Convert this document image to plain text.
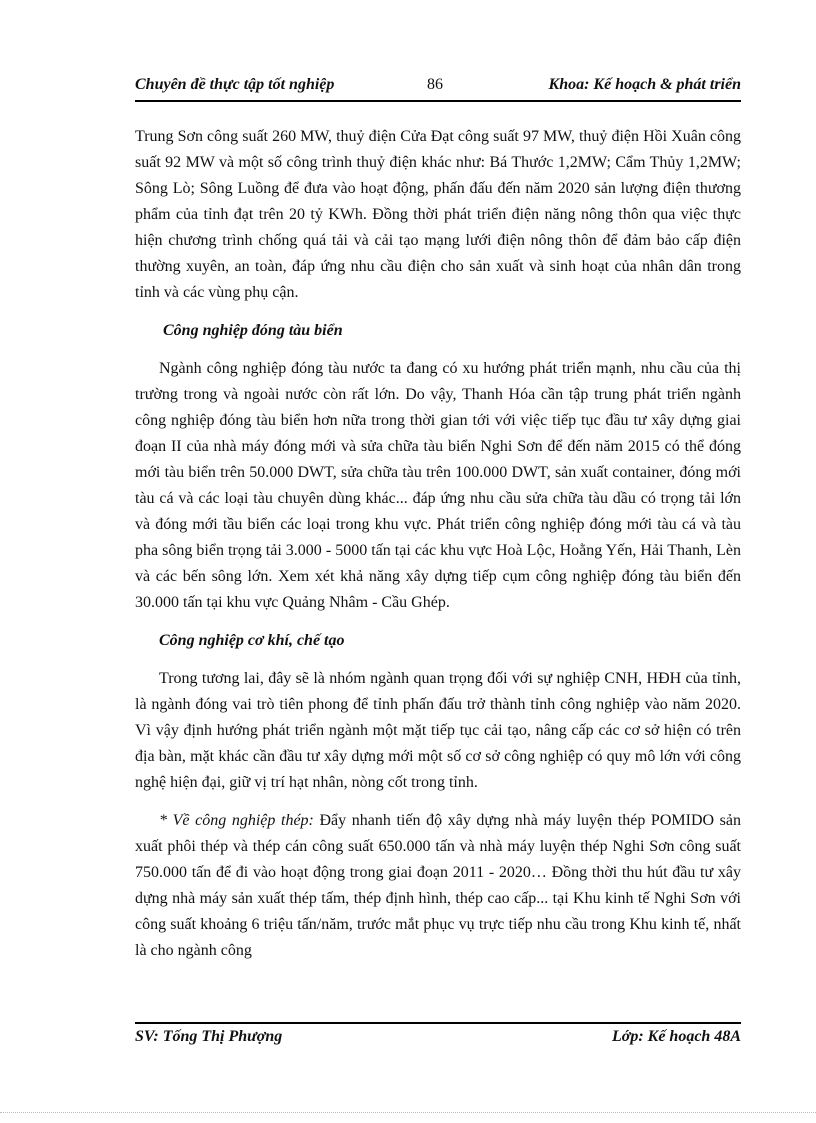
Chuyên đề thực tập tốt nghiệp	86	Khoa: Kế hoạch & phát triển

Trung Sơn công suất 260 MW, thuỷ điện Cửa Đạt công suất 97 MW, thuỷ điện Hồi Xuân công suất 92 MW và một số công trình thuỷ điện khác như: Bá Thước 1,2MW; Cẩm Thủy 1,2MW; Sông Lò; Sông Luồng để đưa vào hoạt động, phấn đấu đến năm 2020 sản lượng điện thương phẩm của tỉnh đạt trên 20 tỷ KWh. Đồng thời phát triển điện năng nông thôn qua việc thực hiện chương trình chống quá tải và cải tạo mạng lưới điện nông thôn để đảm bảo cấp điện thường xuyên, an toàn, đáp ứng nhu cầu điện cho sản xuất và sinh hoạt của nhân dân trong tỉnh và các vùng phụ cận.

Công nghiệp đóng tàu biển

Ngành công nghiệp đóng tàu nước ta đang có xu hướng phát triển mạnh, nhu cầu của thị trường trong và ngoài nước còn rất lớn. Do vậy, Thanh Hóa cần tập trung phát triển ngành công nghiệp đóng tàu biển hơn nữa trong thời gian tới với việc tiếp tục đầu tư xây dựng giai đoạn II của nhà máy đóng mới và sửa chữa tàu biển Nghi Sơn để đến năm 2015 có thể đóng mới tàu biển trên 50.000 DWT, sửa chữa tàu trên 100.000 DWT, sản xuất container, đóng mới tàu cá và các loại tàu chuyên dùng khác... đáp ứng nhu cầu sửa chữa tàu dầu có trọng tải lớn và đóng mới tầu biển các loại trong khu vực. Phát triển công nghiệp đóng mới tàu cá và tàu pha sông biển trọng tải 3.000 - 5000 tấn tại các khu vực Hoà Lộc, Hoằng Yến, Hải Thanh, Lèn và các bến sông lớn. Xem xét khả năng xây dựng tiếp cụm công nghiệp đóng tàu biển đến 30.000 tấn tại khu vực Quảng Nhâm - Cầu Ghép.

Công nghiệp cơ khí, chế tạo

Trong tương lai, đây sẽ là nhóm ngành quan trọng đối với sự nghiệp CNH, HĐH của tỉnh, là ngành đóng vai trò tiên phong để tỉnh phấn đấu trở thành tỉnh công nghiệp vào năm 2020. Vì vậy định hướng phát triển ngành một mặt tiếp tục cải tạo, nâng cấp các cơ sở hiện có trên địa bàn, mặt khác cần đầu tư xây dựng mới một số cơ sở công nghiệp có quy mô lớn với công nghệ hiện đại, giữ vị trí hạt nhân, nòng cốt trong tỉnh.

* Về công nghiệp thép: Đẩy nhanh tiến độ xây dựng nhà máy luyện thép POMIDO sản xuất phôi thép và thép cán công suất 650.000 tấn và nhà máy luyện thép Nghi Sơn công suất 750.000 tấn để đi vào hoạt động trong giai đoạn 2011 - 2020… Đồng thời thu hút đầu tư xây dựng nhà máy sản xuất thép tấm, thép định hình, thép cao cấp... tại Khu kinh tế Nghi Sơn với công suất khoảng 6 triệu tấn/năm, trước mắt phục vụ trực tiếp nhu cầu trong Khu kinh tế, nhất là cho ngành công

SV: Tống Thị Phượng	Lớp: Kế hoạch 48A
